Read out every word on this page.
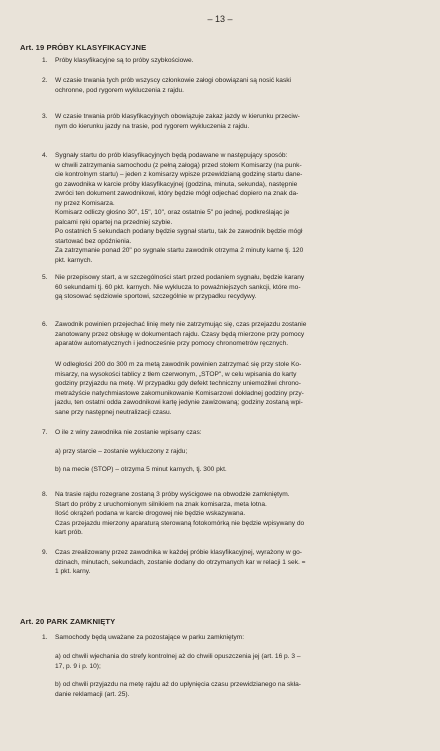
– 13 –
Art. 19 PRÓBY KLASYFIKACYJNE
1. Próby klasyfikacyjne są to próby szybkościowe.
2. W czasie trwania tych prób wszyscy członkowie załogi obowiązani są nosić kaski
ochronne, pod rygorem wykluczenia z rajdu.
3. W czasie trwania prób klasyfikacyjnych obowiązuje zakaz jazdy w kierunku przeciw-
nym do kierunku jazdy na trasie, pod rygorem wykluczenia z rajdu.
4. Sygnały startu do prób klasyfikacyjnych będą podawane w następujący sposób:
w chwili zatrzymania samochodu (z pełną załogą) przed stołem Komisarzy (na punk-
cie kontrolnym startu) – jeden z komisarzy wpisze przewidzianą godzinę startu dane-
go zawodnika w karcie próby klasyfikacyjnej (godzina, minuta, sekunda), następnie
zwróci ten dokument zawodnikowi, który będzie mógł odjechać dopiero na znak da-
ny przez Komisarza.
Komisarz odliczy głośno 30", 15", 10", oraz ostatnie 5" po jednej, podkreślając je
palcami ręki opartej na przedniej szybie.
Po ostatnich 5 sekundach podany będzie sygnał startu, tak że zawodnik będzie mógł
startować bez opóźnienia.
Za zatrzymanie ponad 20" po sygnale startu zawodnik otrzyma 2 minuty karne tj. 120
pkt. karnych.
5. Nie przepisowy start, a w szczególności start przed podaniem sygnału, będzie karany
60 sekundami tj. 60 pkt. karnych. Nie wyklucza to poważniejszych sankcji, które mo-
gą stosować sędziowie sportowi, szczególnie w przypadku recydywy.
6. Zawodnik powinien przejechać linię mety nie zatrzymując się, czas przejazdu zostanie
zanotowany przez obsługę w dokumentach rajdu. Czasy będą mierzone przy pomocy
aparatów automatycznych i jednocześnie przy pomocy chronometrów ręcznych.
W odległości 200 do 300 m za metą zawodnik powinien zatrzymać się przy stole Ko-
misarzy, na wysokości tablicy z tłem czerwonym, „STOP", w celu wpisania do karty
godziny przyjazdu na metę. W przypadku gdy defekt techniczny uniemożliwi chrono-
metrażyście natychmiastowe zakomunikowanie Komisarzowi dokładnej godziny przy-
jazdu, ten ostatni odda zawodnikowi kartę jedynie zawizowaną; godziny zostaną wpi-
sane przy następnej neutralizacji czasu.
7. O ile z winy zawodnika nie zostanie wpisany czas:
a) przy starcie – zostanie wykluczony z rajdu;
b) na mecie (STOP) – otrzyma 5 minut karnych, tj. 300 pkt.
8. Na trasie rajdu rozegrane zostaną 3 próby wyścigowe na obwodzie zamkniętym.
Start do próby z uruchomionym silnikiem na znak komisarza, meta lotna.
Ilość okrążeń podana w karcie drogowej nie będzie wskazywana.
Czas przejazdu mierzony aparaturą sterowaną fotokomórką nie będzie wpisywany do
kart prób.
9. Czas zrealizowany przez zawodnika w każdej próbie klasyfikacyjnej, wyrażony w go-
dzinach, minutach, sekundach, zostanie dodany do otrzymanych kar w relacji 1 sek. =
1 pkt. karny.
Art. 20 PARK ZAMKNIĘTY
1. Samochody będą uważane za pozostające w parku zamkniętym:
a) od chwili wjechania do strefy kontrolnej aż do chwili opuszczenia jej (art. 16 p. 3 –
17, p. 9 i p. 10);
b) od chwili przyjazdu na metę rajdu aż do upłynięcia czasu przewidzianego na skła-
danie reklamacji (art. 25).
